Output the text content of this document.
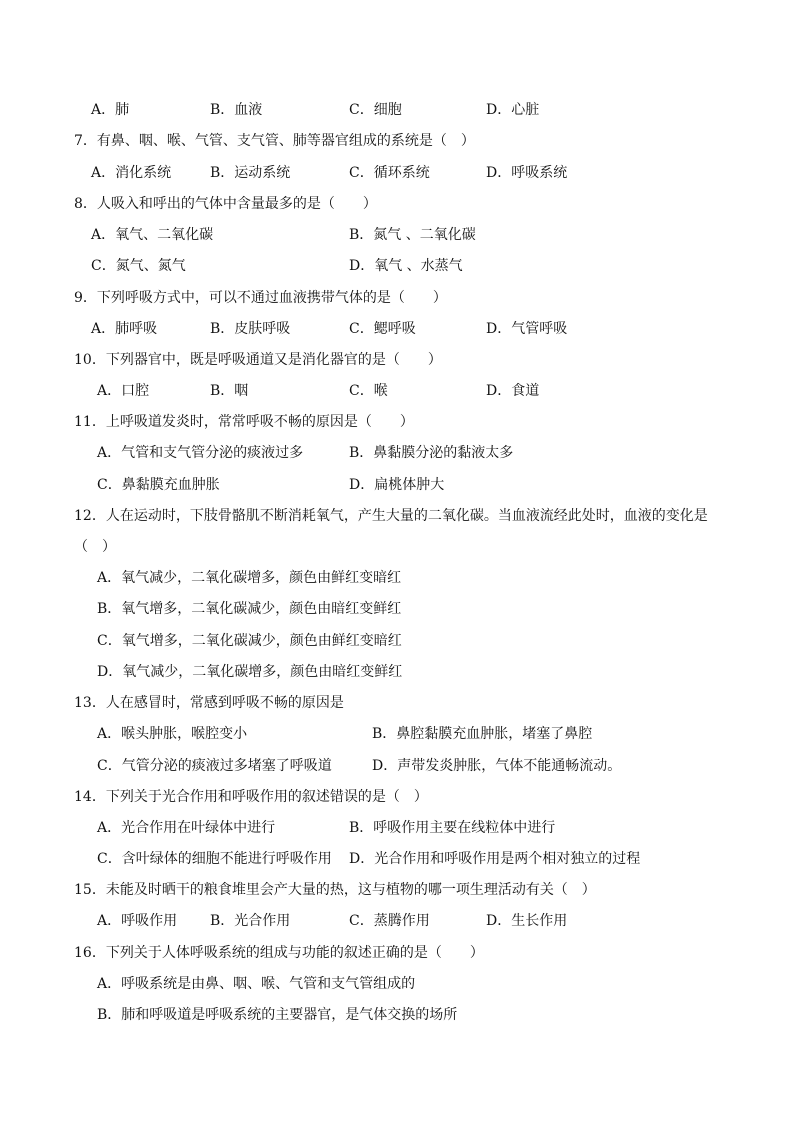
A．肺	B．血液	C．细胞	D．心脏
7．有鼻、咽、喉、气管、支气管、肺等器官组成的系统是（　）
A．消化系统	B．运动系统	C．循环系统	D．呼吸系统
8．人吸入和呼出的气体中含量最多的是（　　）
A．氧气、二氧化碳	B．氮气 、二氧化碳
C．氮气、氮气	D．氧气 、水蒸气
9．下列呼吸方式中，可以不通过血液携带气体的是（　　）
A．肺呼吸	B．皮肤呼吸	C．鳃呼吸	D．气管呼吸
10．下列器官中，既是呼吸通道又是消化器官的是（　　）
A．口腔	B．咽	C．喉	D．食道
11．上呼吸道发炎时，常常呼吸不畅的原因是（　　）
A．气管和支气管分泌的痰液过多	B．鼻黏膜分泌的黏液太多
C．鼻黏膜充血肿胀	D．扁桃体肿大
12．人在运动时，下肢骨骼肌不断消耗氧气，产生大量的二氧化碳。当血液流经此处时，血液的变化是
（　）
A．氧气减少，二氧化碳增多，颜色由鲜红变暗红
B．氧气增多，二氧化碳减少，颜色由暗红变鲜红
C．氧气增多，二氧化碳减少，颜色由鲜红变暗红
D．氧气减少，二氧化碳增多，颜色由暗红变鲜红
13．人在感冒时，常感到呼吸不畅的原因是
A．喉头肿胀，喉腔变小	B．鼻腔黏膜充血肿胀，堵塞了鼻腔
C．气管分泌的痰液过多堵塞了呼吸道	D．声带发炎肿胀，气体不能通畅流动。
14．下列关于光合作用和呼吸作用的叙述错误的是（　）
A．光合作用在叶绿体中进行	B．呼吸作用主要在线粒体中进行
C．含叶绿体的细胞不能进行呼吸作用 D．光合作用和呼吸作用是两个相对独立的过程
15．未能及时晒干的粮食堆里会产大量的热，这与植物的哪一项生理活动有关（　）
A．呼吸作用 B．光合作用	C．蒸腾作用	D．生长作用
16．下列关于人体呼吸系统的组成与功能的叙述正确的是（　　）
A．呼吸系统是由鼻、咽、喉、气管和支气管组成的
B．肺和呼吸道是呼吸系统的主要器官，是气体交换的场所
